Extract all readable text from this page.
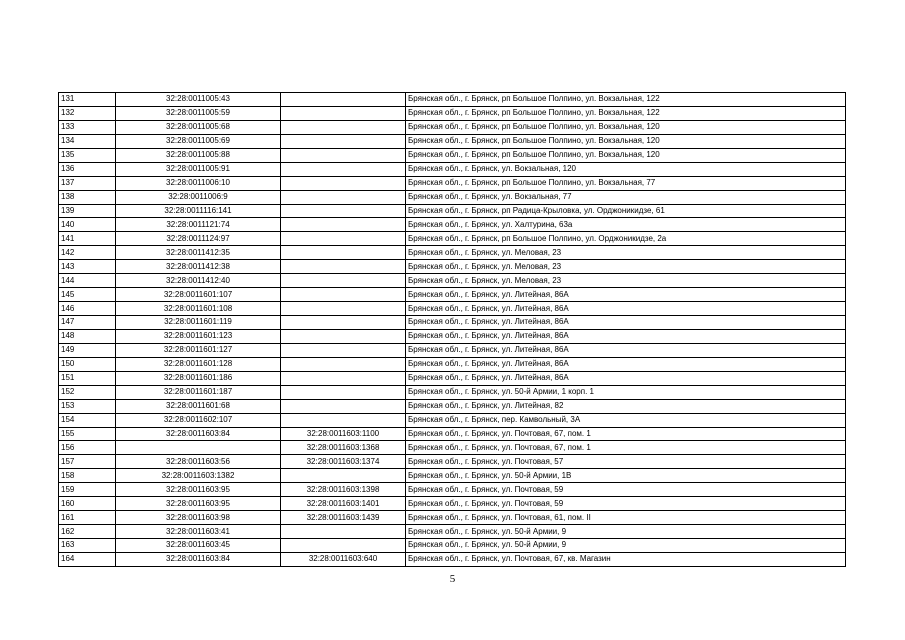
131	32:28:0011005:43		Брянская обл., г. Брянск, рп Большое Полпино, ул. Вокзальная, 122
132	32:28:0011005:59		Брянская обл., г. Брянск, рп Большое Полпино, ул. Вокзальная, 122
133	32:28:0011005:68		Брянская обл., г. Брянск, рп Большое Полпино, ул. Вокзальная, 120
134	32:28:0011005:69		Брянская обл., г. Брянск, рп Большое Полпино, ул. Вокзальная, 120
135	32:28:0011005:88		Брянская обл., г. Брянск, рп Большое Полпино, ул. Вокзальная, 120
136	32:28:0011005:91		Брянская обл., г. Брянск, ул. Вокзальная, 120
137	32:28:0011006:10		Брянская обл., г. Брянск, рп Большое Полпино, ул. Вокзальная, 77
138	32:28:0011006:9		Брянская обл., г. Брянск, ул. Вокзальная, 77
139	32:28:0011116:141		Брянская обл., г. Брянск, рп Радица-Крыловка, ул. Орджоникидзе, 61
140	32:28:0011121:74		Брянская обл., г. Брянск, ул. Халтурина, 63а
141	32:28:0011124:97		Брянская обл., г. Брянск, рп Большое Полпино, ул. Орджоникидзе, 2а
142	32:28:0011412:35		Брянская обл., г. Брянск, ул. Меловая, 23
143	32:28:0011412:38		Брянская обл., г. Брянск, ул. Меловая, 23
144	32:28:0011412:40		Брянская обл., г. Брянск, ул. Меловая, 23
145	32:28:0011601:107		Брянская обл., г. Брянск, ул. Литейная, 86А
146	32:28:0011601:108		Брянская обл., г. Брянск, ул. Литейная, 86А
147	32:28:0011601:119		Брянская обл., г. Брянск, ул. Литейная, 86А
148	32:28:0011601:123		Брянская обл., г. Брянск, ул. Литейная, 86А
149	32:28:0011601:127		Брянская обл., г. Брянск, ул. Литейная, 86А
150	32:28:0011601:128		Брянская обл., г. Брянск, ул. Литейная, 86А
151	32:28:0011601:186		Брянская обл., г. Брянск, ул. Литейная, 86А
152	32:28:0011601:187		Брянская обл., г. Брянск, ул. 50-й Армии, 1 корп. 1
153	32:28:0011601:68		Брянская обл., г. Брянск, ул. Литейная, 82
154	32:28:0011602:107		Брянская обл., г. Брянск, пер. Камвольный, 3А
155	32:28:0011603:84	32:28:0011603:1100	Брянская обл., г. Брянск, ул. Почтовая, 67, пом. 1
156		32:28:0011603:1368	Брянская обл., г. Брянск, ул. Почтовая, 67, пом. 1
157	32:28:0011603:56	32:28:0011603:1374	Брянская обл., г. Брянск, ул. Почтовая, 57
158	32:28:0011603:1382		Брянская обл., г. Брянск, ул. 50-й Армии, 1В
159	32:28:0011603:95	32:28:0011603:1398	Брянская обл., г. Брянск, ул. Почтовая, 59
160	32:28:0011603:95	32:28:0011603:1401	Брянская обл., г. Брянск, ул. Почтовая, 59
161	32:28:0011603:98	32:28:0011603:1439	Брянская обл., г. Брянск, ул. Почтовая, 61, пом. II
162	32:28:0011603:41		Брянская обл., г. Брянск, ул. 50-й Армии, 9
163	32:28:0011603:45		Брянская обл., г. Брянск, ул. 50-й Армии, 9
164	32:28:0011603:84	32:28:0011603:640	Брянская обл., г. Брянск, ул. Почтовая, 67, кв. Магазин
5
